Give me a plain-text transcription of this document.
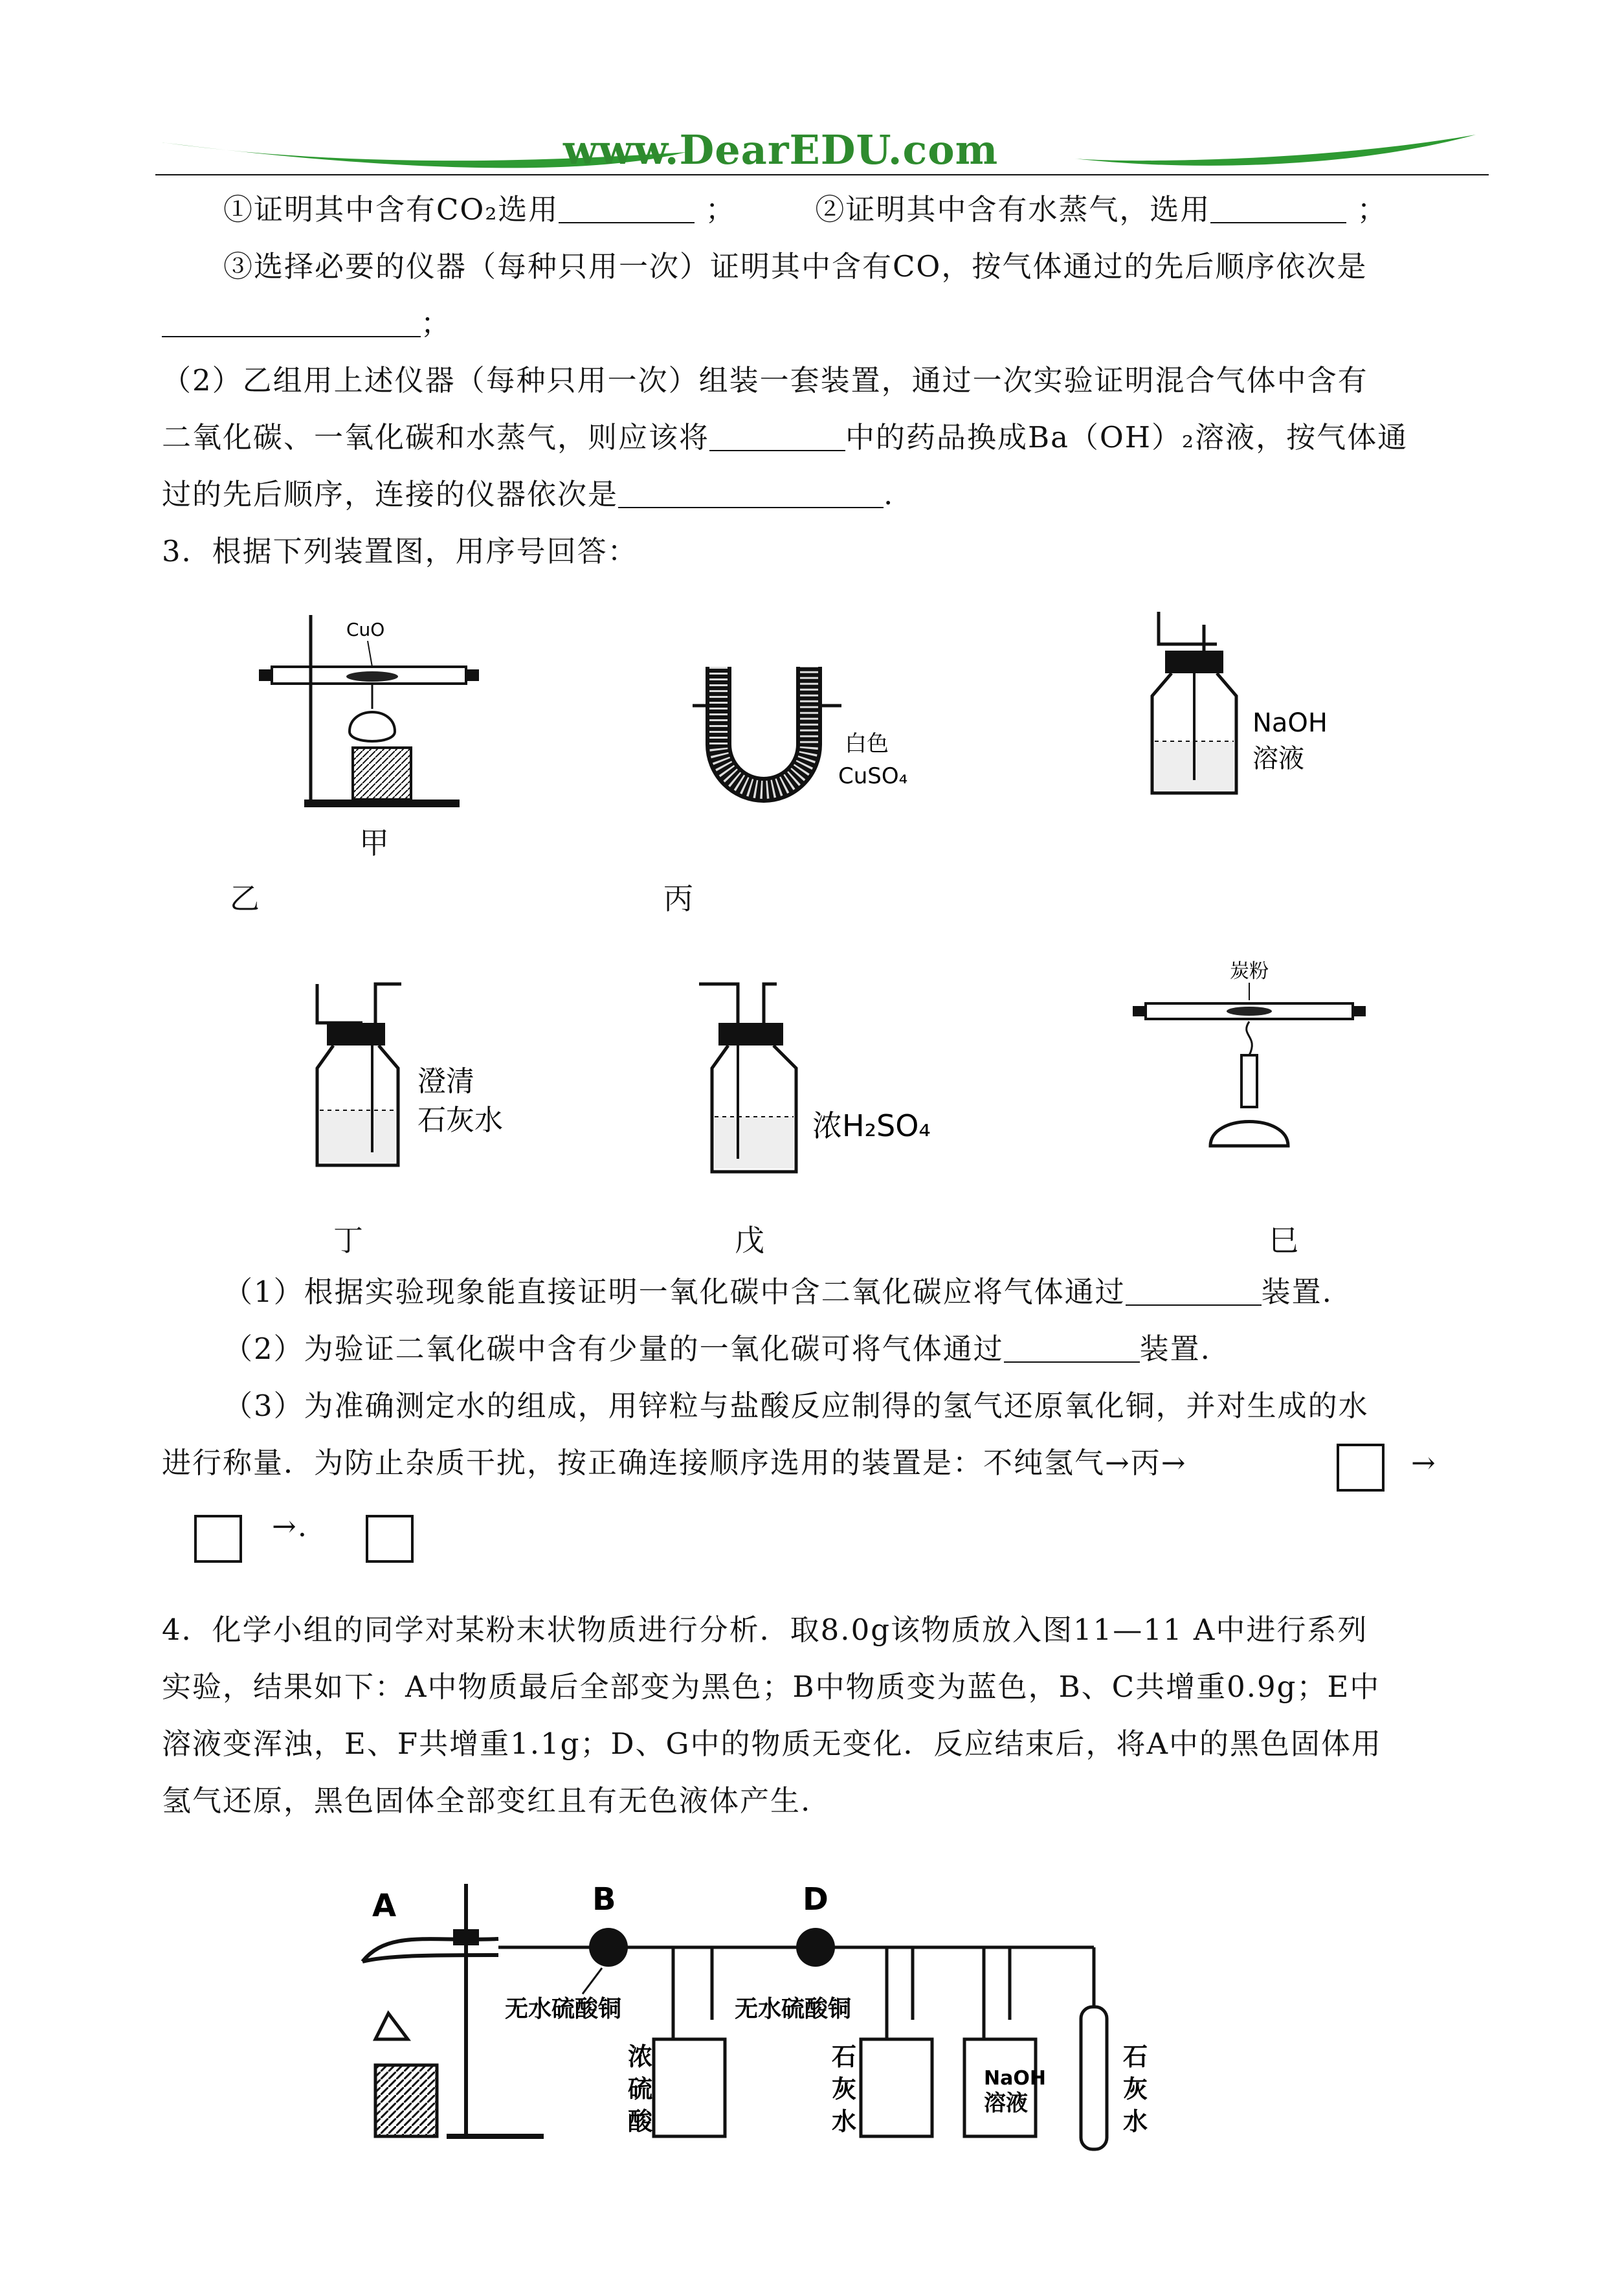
www.DearEDU.com
①证明其中含有CO₂选用	；	②证明其中含有水蒸气，选用	；
③选择必要的仪器（每种只用一次）证明其中含有CO，按气体通过的先后顺序依次是
；
（2）乙组用上述仪器（每种只用一次）组装一套装置，通过一次实验证明混合气体中含有
二氧化碳、一氧化碳和水蒸气，则应该将	中的药品换成Ba（OH）₂溶液，按气体通
过的先后顺序，连接的仪器依次是	.
3．根据下列装置图，用序号回答：
CuO
甲
乙
白色
CuSO₄
丙
NaOH
溶液
澄清
石灰水
丁
浓H₂SO₄
戊
炭粉
巳
（1）根据实验现象能直接证明一氧化碳中含二氧化碳应将气体通过	装置.
（2）为验证二氧化碳中含有少量的一氧化碳可将气体通过	装置.
（3）为准确测定水的组成，用锌粒与盐酸反应制得的氢气还原氧化铜，并对生成的水
进行称量．为防止杂质干扰，按正确连接顺序选用的装置是：不纯氢气→丙→	→
→.
4．化学小组的同学对某粉末状物质进行分析．取8.0g该物质放入图11—11 A中进行系列
实验，结果如下：A中物质最后全部变为黑色；B中物质变为蓝色，B、C共增重0.9g；E中
溶液变浑浊，E、F共增重1.1g；D、G中的物质无变化．反应结束后，将A中的黑色固体用
氢气还原，黑色固体全部变红且有无色液体产生.
A	B
无水硫酸铜
D
无水硫酸铜
浓
硫
酸
石
灰
水
NaOH
溶液
石
灰
水
